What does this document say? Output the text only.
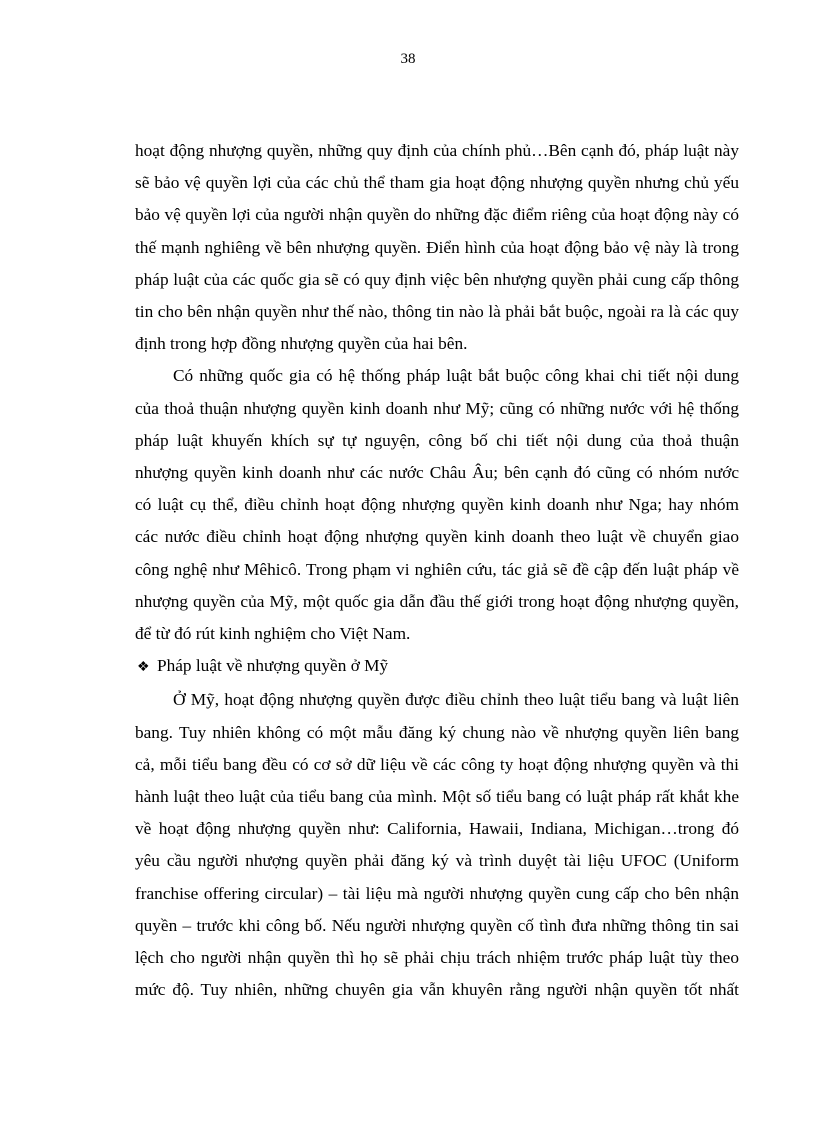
38

hoạt động nhượng quyền, những quy định của chính phủ…Bên cạnh đó, pháp luật này
sẽ bảo vệ quyền lợi của các chủ thể tham gia hoạt động nhượng quyền nhưng chủ yếu
bảo vệ quyền lợi của người nhận quyền do những đặc điểm riêng của hoạt động này có
thế mạnh nghiêng về bên nhượng quyền. Điển hình của hoạt động bảo vệ này là trong
pháp luật của các quốc gia sẽ có quy định việc bên nhượng quyền phải cung cấp thông
tin cho bên nhận quyền như thế nào, thông tin nào là phải bắt buộc, ngoài ra là các quy
định trong hợp đồng nhượng quyền của hai bên.

Có những quốc gia có hệ thống pháp luật bắt buộc công khai chi tiết nội dung
của thoả thuận nhượng quyền kinh doanh như Mỹ; cũng có những nước với hệ thống
pháp luật khuyến khích sự tự nguyện, công bố chi tiết nội dung của thoả thuận
nhượng quyền kinh doanh như các nước Châu Âu; bên cạnh đó cũng có nhóm nước
có luật cụ thể, điều chỉnh hoạt động nhượng quyền kinh doanh như Nga; hay nhóm
các nước điều chỉnh hoạt động nhượng quyền kinh doanh theo luật về chuyển giao
công nghệ như Mêhicô. Trong phạm vi nghiên cứu, tác giả sẽ đề cập đến luật pháp về
nhượng quyền của Mỹ, một quốc gia dẫn đầu thế giới trong hoạt động nhượng quyền,
để từ đó rút kinh nghiệm cho Việt Nam.

❖ Pháp luật về nhượng quyền ở Mỹ

Ở Mỹ, hoạt động nhượng quyền được điều chỉnh theo luật tiểu bang và luật liên
bang. Tuy nhiên không có một mẫu đăng ký chung nào về nhượng quyền liên bang
cả, mỗi tiểu bang đều có cơ sở dữ liệu về các công ty hoạt động nhượng quyền và thi
hành luật theo luật của tiểu bang của mình. Một số tiểu bang có luật pháp rất khắt khe
về hoạt động nhượng quyền như: California, Hawaii, Indiana, Michigan…trong đó
yêu cầu người nhượng quyền phải đăng ký và trình duyệt tài liệu UFOC (Uniform
franchise offering circular) – tài liệu mà người nhượng quyền cung cấp cho bên nhận
quyền – trước khi công bố. Nếu người nhượng quyền cố tình đưa những thông tin sai
lệch cho người nhận quyền thì họ sẽ phải chịu trách nhiệm trước pháp luật tùy theo
mức độ. Tuy nhiên, những chuyên gia vẫn khuyên rằng người nhận quyền tốt nhất
